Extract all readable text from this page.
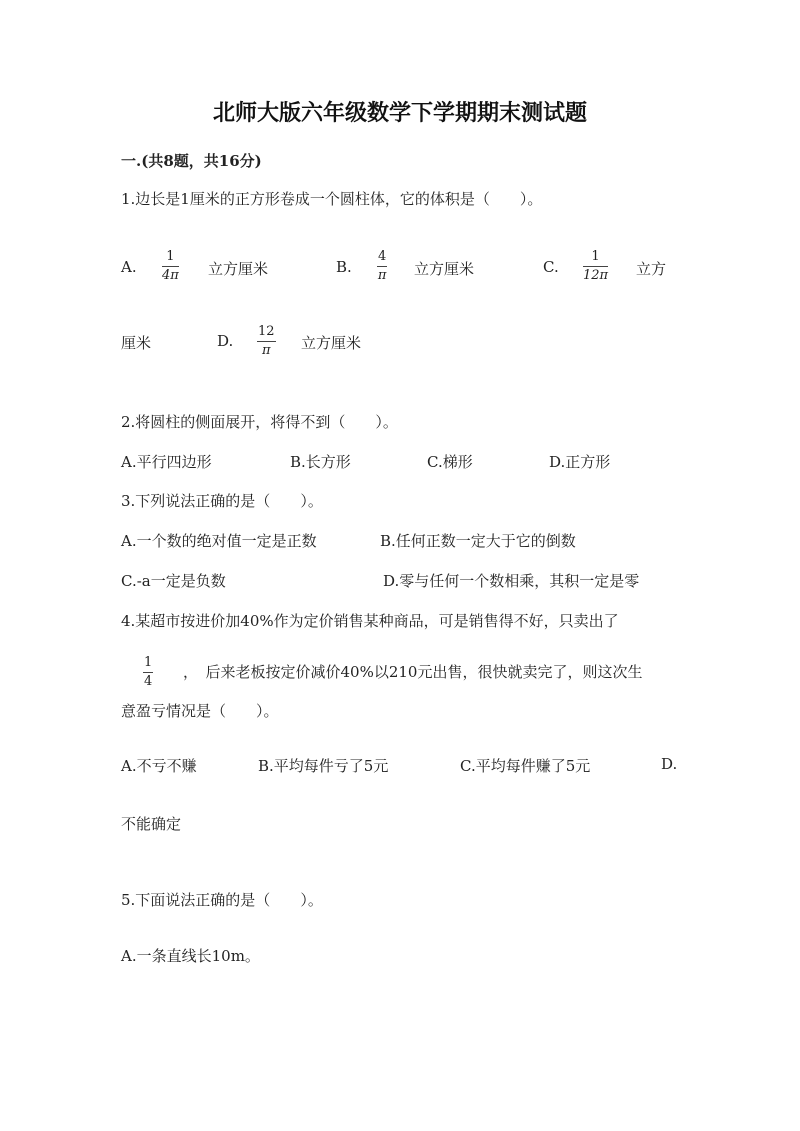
北师大版六年级数学下学期期末测试题
一.(共8题，共16分)
1.边长是1厘米的正方形卷成一个圆柱体，它的体积是（　　）。
A.
1
4π 立方厘米	B.
4
π 立方厘米	C.
1
12π 立方
厘米	D.
12
π 立方厘米
2.将圆柱的侧面展开，将得不到（　　）。
A.平行四边形	B.长方形	C.梯形	D.正方形
3.下列说法正确的是（　　）。
A.一个数的绝对值一定是正数	B.任何正数一定大于它的倒数
C.-a一定是负数	D.零与任何一个数相乘，其积一定是零
4.某超市按进价加40%作为定价销售某种商品，可是销售得不好，只卖出了
1
4
，　后来老板按定价减价40%以210元出售，很快就卖完了，则这次生
意盈亏情况是（　　）。
A.不亏不赚	B.平均每件亏了5元	C.平均每件赚了5元	D.
不能确定
5.下面说法正确的是（　　）。
A.一条直线长10m。
